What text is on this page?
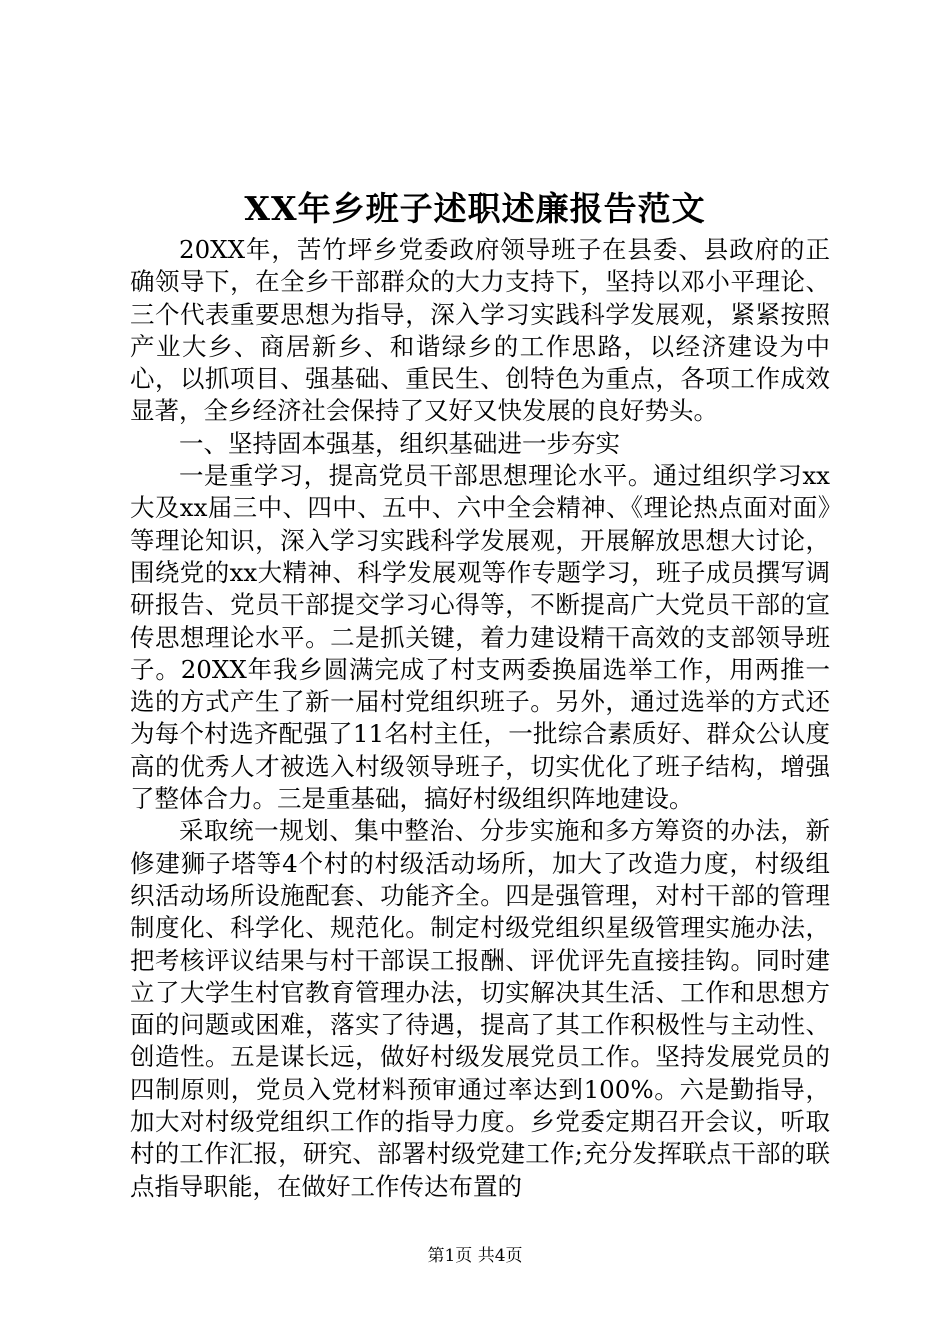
XX年乡班子述职述廉报告范文

20XX年，苦竹坪乡党委政府领导班子在县委、县政府的正确领导下，在全乡干部群众的大力支持下，坚持以邓小平理论、三个代表重要思想为指导，深入学习实践科学发展观，紧紧按照产业大乡、商居新乡、和谐绿乡的工作思路，以经济建设为中心，以抓项目、强基础、重民生、创特色为重点，各项工作成效显著，全乡经济社会保持了又好又快发展的良好势头。

一、坚持固本强基，组织基础进一步夯实

一是重学习，提高党员干部思想理论水平。通过组织学习xx大及xx届三中、四中、五中、六中全会精神、《理论热点面对面》等理论知识，深入学习实践科学发展观，开展解放思想大讨论，围绕党的xx大精神、科学发展观等作专题学习，班子成员撰写调研报告、党员干部提交学习心得等，不断提高广大党员干部的宣传思想理论水平。二是抓关键，着力建设精干高效的支部领导班子。20XX年我乡圆满完成了村支两委换届选举工作，用两推一选的方式产生了新一届村党组织班子。另外，通过选举的方式还为每个村选齐配强了11名村主任，一批综合素质好、群众公认度高的优秀人才被选入村级领导班子，切实优化了班子结构，增强了整体合力。三是重基础，搞好村级组织阵地建设。

采取统一规划、集中整治、分步实施和多方筹资的办法，新修建狮子塔等4个村的村级活动场所，加大了改造力度，村级组织活动场所设施配套、功能齐全。四是强管理，对村干部的管理制度化、科学化、规范化。制定村级党组织星级管理实施办法，把考核评议结果与村干部误工报酬、评优评先直接挂钩。同时建立了大学生村官教育管理办法，切实解决其生活、工作和思想方面的问题或困难，落实了待遇，提高了其工作积极性与主动性、创造性。五是谋长远，做好村级发展党员工作。坚持发展党员的四制原则，党员入党材料预审通过率达到100%。六是勤指导，加大对村级党组织工作的指导力度。乡党委定期召开会议，听取村的工作汇报，研究、部署村级党建工作;充分发挥联点干部的联点指导职能，在做好工作传达布置的

第1页 共4页
